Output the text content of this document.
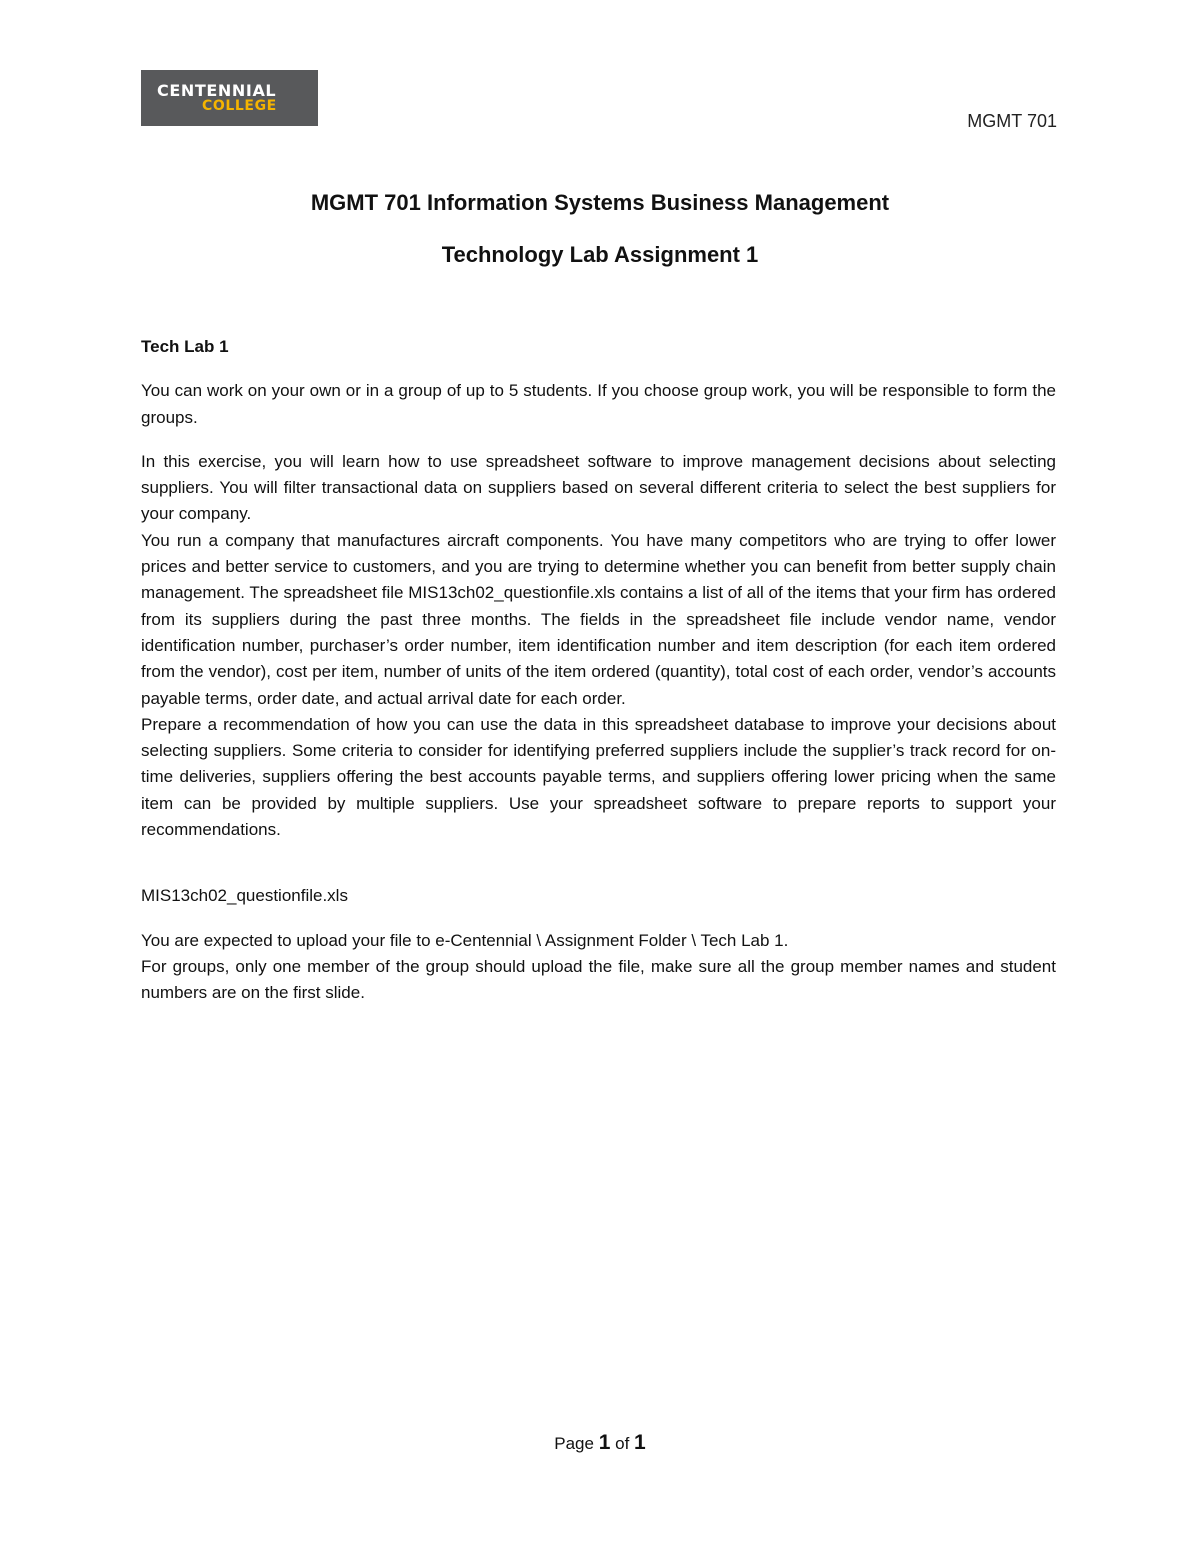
CENTENNIAL
COLLEGE
MGMT 701
MGMT 701 Information Systems Business Management
Technology Lab Assignment 1

Tech Lab 1

You can work on your own or in a group of up to 5 students. If you choose group work, you will be responsible to form the groups.

In this exercise, you will learn how to use spreadsheet software to improve management decisions about selecting suppliers. You will filter transactional data on suppliers based on several different criteria to select the best suppliers for your company.

You run a company that manufactures aircraft components. You have many competitors who are trying to offer lower prices and better service to customers, and you are trying to determine whether you can benefit from better supply chain management. The spreadsheet file MIS13ch02_questionfile.xls contains a list of all of the items that your firm has ordered from its suppliers during the past three months. The fields in the spreadsheet file include vendor name, vendor identification number, purchaser’s order number, item identification number and item description (for each item ordered from the vendor), cost per item, number of units of the item ordered (quantity), total cost of each order, vendor’s accounts payable terms, order date, and actual arrival date for each order.

Prepare a recommendation of how you can use the data in this spreadsheet database to improve your decisions about selecting suppliers. Some criteria to consider for identifying preferred suppliers include the supplier’s track record for on-time deliveries, suppliers offering the best accounts payable terms, and suppliers offering lower pricing when the same item can be provided by multiple suppliers. Use your spreadsheet software to prepare reports to support your recommendations.

MIS13ch02_questionfile.xls

You are expected to upload your file to e-Centennial \ Assignment Folder \ Tech Lab 1.

For groups, only one member of the group should upload the file, make sure all the group member names and student numbers are on the first slide.

Page 1 of 1
